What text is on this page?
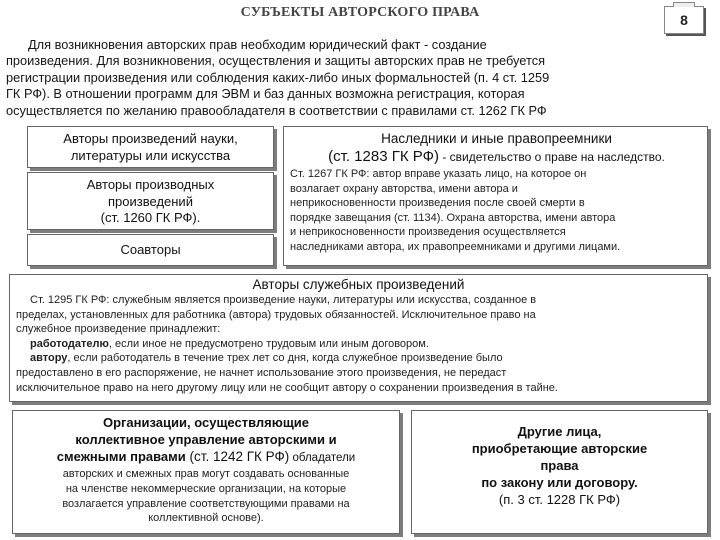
СУБЪЕКТЫ АВТОРСКОГО ПРАВА	8
Для возникновения авторских прав необходим юридический факт - создание
произведения. Для возникновения, осуществления и защиты авторских прав не требуется
регистрации произведения или соблюдения каких-либо иных формальностей (п. 4 ст. 1259
ГК РФ). В отношении программ для ЭВМ и баз данных возможна регистрация, которая
осуществляется по желанию правообладателя в соответствии с правилами ст. 1262 ГК РФ
Авторы произведений науки,
литературы или искусства
Авторы производных
произведений
(ст. 1260 ГК РФ).
Соавторы
Наследники и иные правопреемники
(ст. 1283 ГК РФ) - свидетельство о праве на наследство.
Ст. 1267 ГК РФ: автор вправе указать лицо, на которое он
возлагает охрану авторства, имени автора и
неприкосновенности произведения после своей смерти в
порядке завещания (ст. 1134). Охрана авторства, имени автора
и неприкосновенности произведения осуществляется
наследниками автора, их правопреемниками и другими лицами.
Авторы служебных произведений
Ст. 1295 ГК РФ: служебным является произведение науки, литературы или искусства, созданное в
пределах, установленных для работника (автора) трудовых обязанностей. Исключительное право на
служебное произведение принадлежит:
работодателю, если иное не предусмотрено трудовым или иным договором.
автору, если работодатель в течение трех лет со дня, когда служебное произведение было
предоставлено в его распоряжение, не начнет использование этого произведения, не передаст
исключительное право на него другому лицу или не сообщит автору о сохранении произведения в тайне.
Организации, осуществляющие
коллективное управление авторскими и
смежными правами (ст. 1242 ГК РФ) обладатели
авторских и смежных прав могут создавать основанные
на членстве некоммерческие организации, на которые
возлагается управление соответствующими правами на
коллективной основе).
Другие лица,
приобретающие авторские
права
по закону или договору.
(п. 3 ст. 1228 ГК РФ)
